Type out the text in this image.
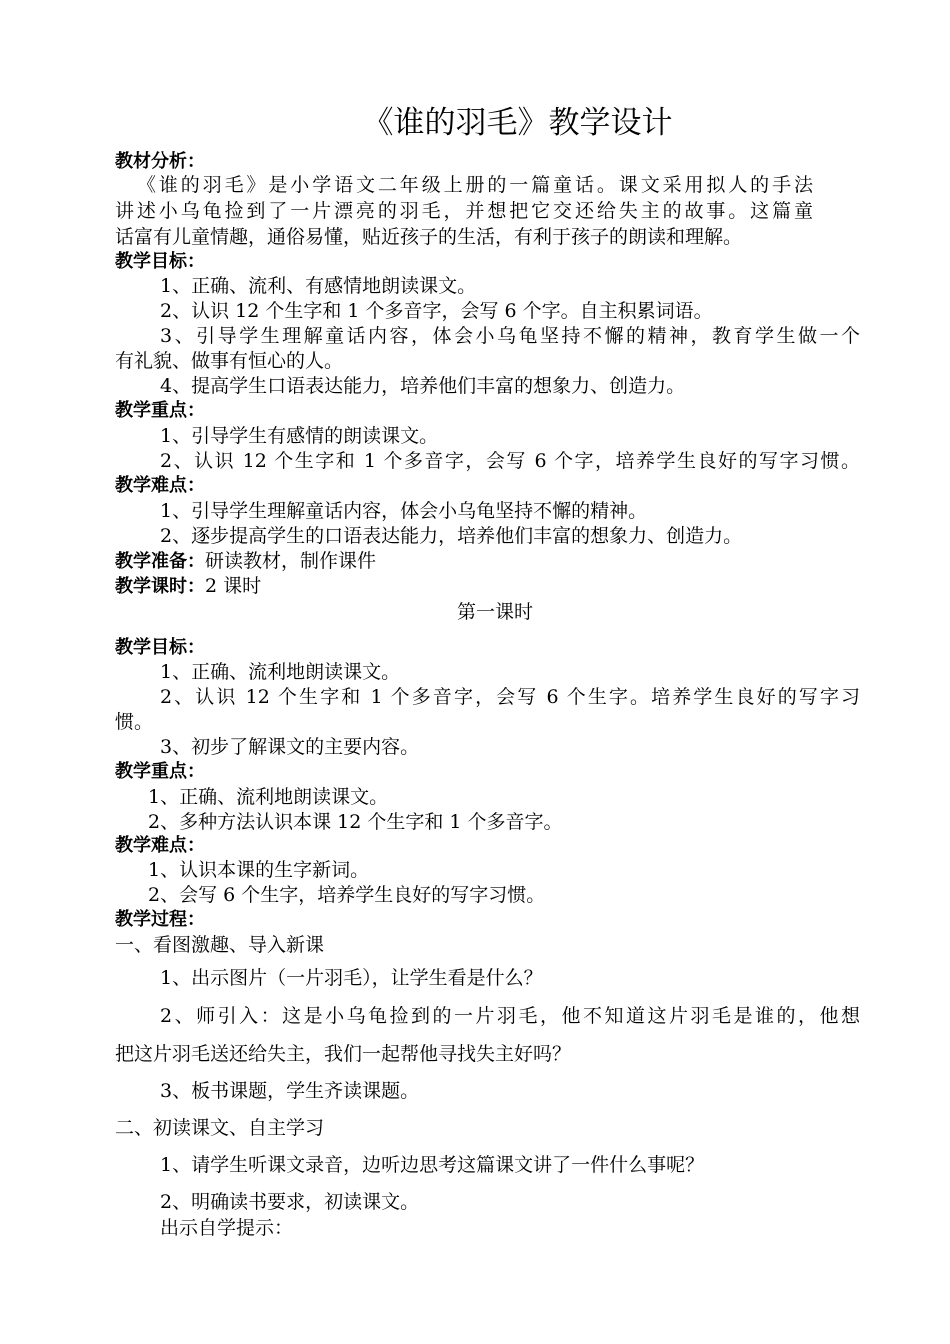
《谁的羽毛》教学设计
教材分析：
《谁的羽毛》是小学语文二年级上册的一篇童话。课文采用拟人的手法
讲述小乌龟捡到了一片漂亮的羽毛，并想把它交还给失主的故事。这篇童
话富有儿童情趣，通俗易懂，贴近孩子的生活，有利于孩子的朗读和理解。
教学目标：
1、正确、流利、有感情地朗读课文。
2、认识 12 个生字和 1 个多音字，会写 6 个字。自主积累词语。
3、引导学生理解童话内容，体会小乌龟坚持不懈的精神，教育学生做一个
有礼貌、做事有恒心的人。
4、提高学生口语表达能力，培养他们丰富的想象力、创造力。
教学重点：
1、引导学生有感情的朗读课文。
2、认识 12 个生字和 1 个多音字，会写 6 个字，培养学生良好的写字习惯。
教学难点：
1、引导学生理解童话内容，体会小乌龟坚持不懈的精神。
2、逐步提高学生的口语表达能力，培养他们丰富的想象力、创造力。
教学准备：研读教材，制作课件
教学课时：2 课时
第一课时
教学目标：
1、正确、流利地朗读课文。
2、认识 12 个生字和 1 个多音字，会写 6 个生字。培养学生良好的写字习
惯。
3、初步了解课文的主要内容。
教学重点：
1、正确、流利地朗读课文。
2、多种方法认识本课 12 个生字和 1 个多音字。
教学难点：
1、认识本课的生字新词。
2、会写 6 个生字，培养学生良好的写字习惯。
教学过程：
一、看图激趣、导入新课
1、出示图片（一片羽毛），让学生看是什么？
2、师引入：这是小乌龟捡到的一片羽毛，他不知道这片羽毛是谁的，他想
把这片羽毛送还给失主，我们一起帮他寻找失主好吗？
3、板书课题，学生齐读课题。
二、初读课文、自主学习
1、请学生听课文录音，边听边思考这篇课文讲了一件什么事呢？
2、明确读书要求，初读课文。
出示自学提示：
